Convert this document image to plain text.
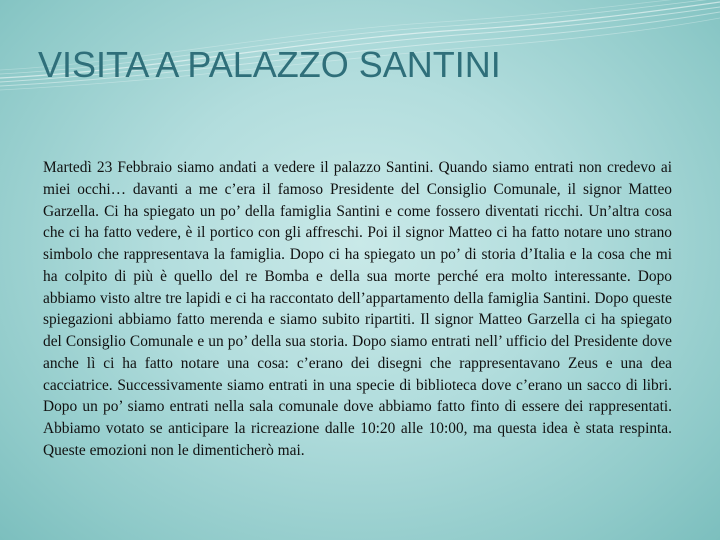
VISITA A PALAZZO SANTINI

Martedì 23 Febbraio siamo andati a vedere il palazzo Santini. Quando siamo entrati non credevo ai miei occhi… davanti a me c’era il famoso Presidente del Consiglio Comunale, il signor Matteo Garzella. Ci ha spiegato un po’ della famiglia Santini e come fossero diventati ricchi. Un’altra cosa che ci ha fatto vedere, è il portico con gli affreschi. Poi il signor Matteo ci ha fatto notare uno strano simbolo che rappresentava la famiglia. Dopo ci ha spiegato un po’ di storia d’Italia e la cosa che mi ha colpito di più è quello del re Bomba e della sua morte perché era molto interessante. Dopo abbiamo visto altre tre lapidi e ci ha raccontato dell’appartamento della famiglia Santini. Dopo queste spiegazioni abbiamo fatto merenda e siamo subito ripartiti. Il signor Matteo Garzella ci ha spiegato del Consiglio Comunale e un po’ della sua storia. Dopo siamo entrati nell’ ufficio del Presidente dove anche lì ci ha fatto notare una cosa: c’erano dei disegni che rappresentavano Zeus e una dea cacciatrice. Successivamente siamo entrati in una specie di biblioteca dove c’erano un sacco di libri. Dopo un po’ siamo entrati nella sala comunale dove abbiamo fatto finto di essere dei rappresentati. Abbiamo votato se anticipare la ricreazione dalle 10:20 alle 10:00, ma questa idea è stata respinta. Queste emozioni non le dimenticherò mai.
